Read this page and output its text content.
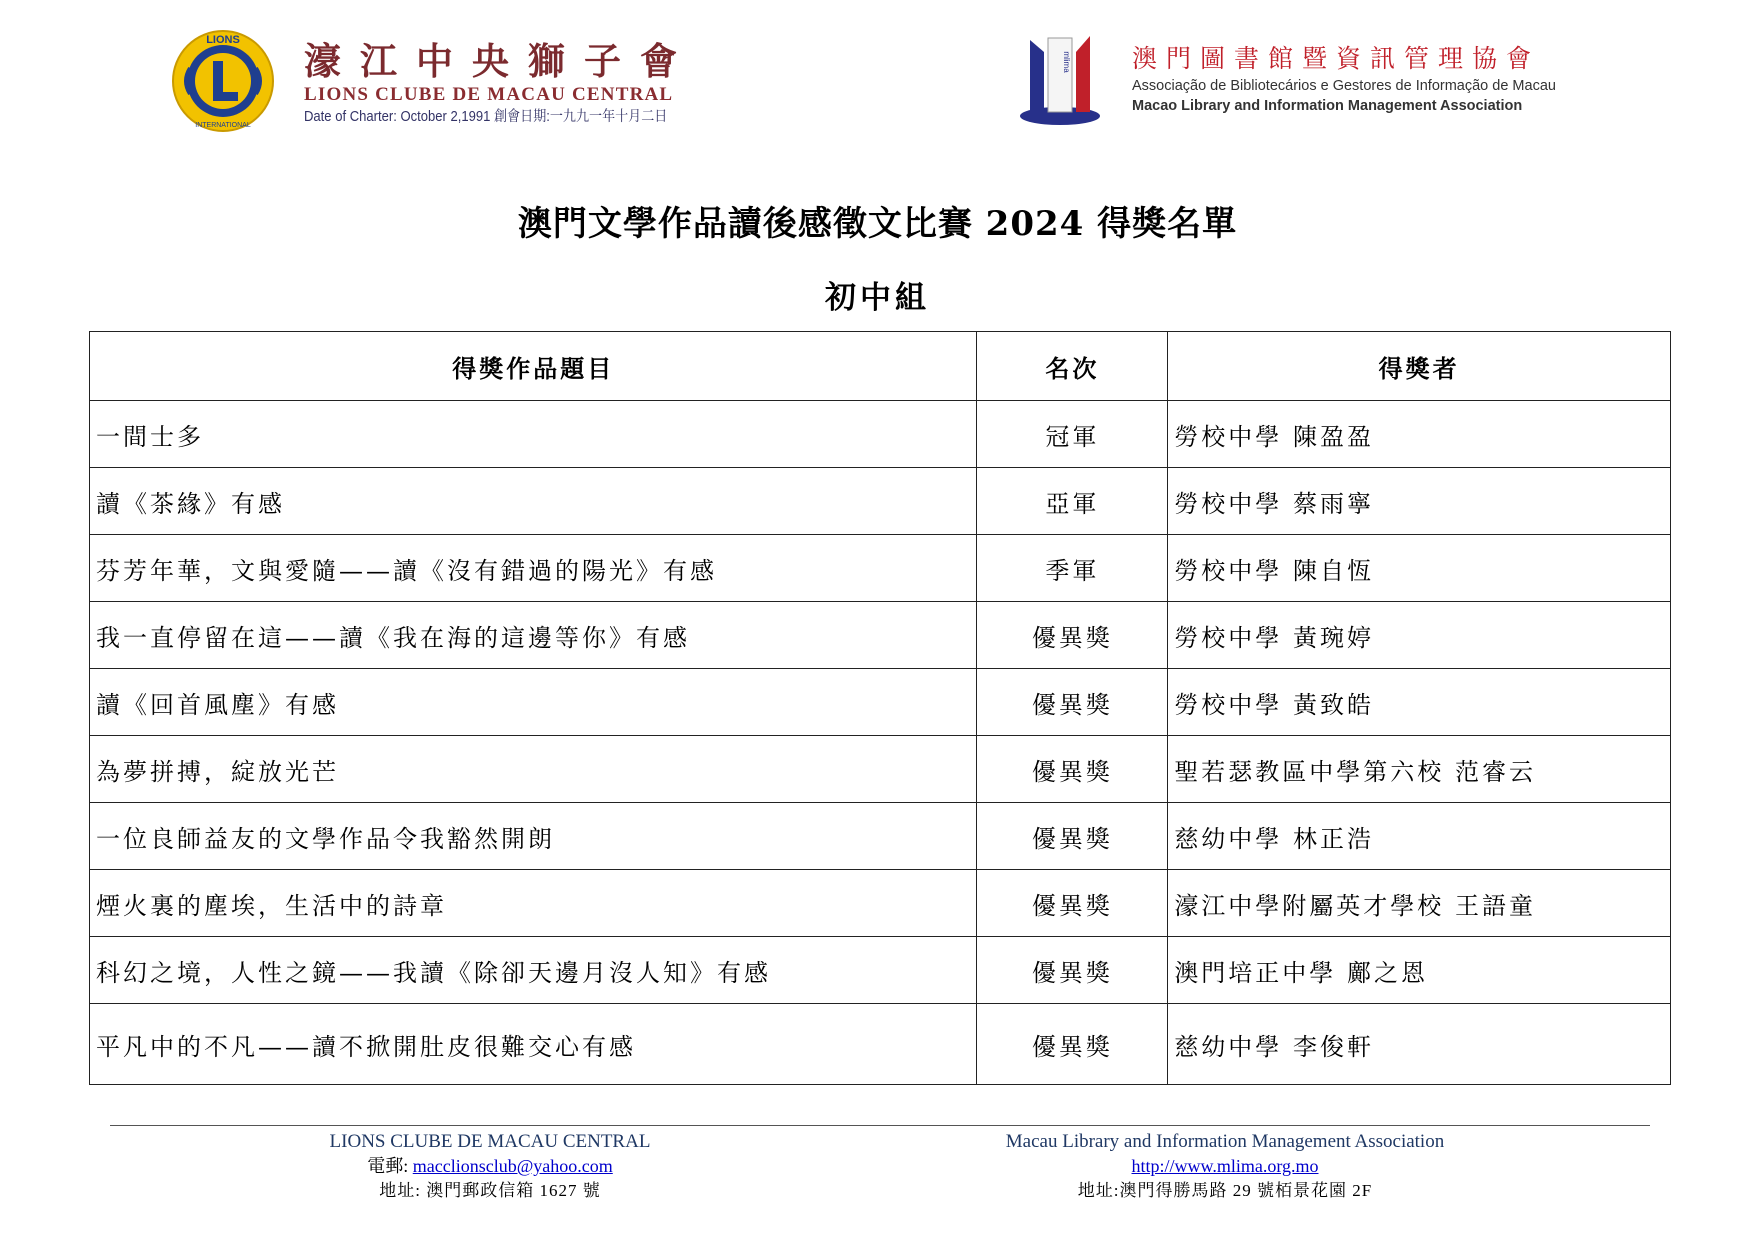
LIONS
INTERNATIONAL
濠江中央獅子會
LIONS CLUBE DE MACAU CENTRAL
Date of Charter: October 2,1991 創會日期:一九九一年十月二日
mlima 澳門圖書館暨資訊管理協會
Associação de Bibliotecários e Gestores de Informação de Macau
Macao Library and Information Management Association
澳門文學作品讀後感徵文比賽 2024 得獎名單
初中組
得獎作品題目	名次	得獎者
一間士多	冠軍	勞校中學 陳盈盈
讀《茶緣》有感	亞軍	勞校中學 蔡雨寧
芬芳年華，文與愛隨——讀《沒有錯過的陽光》有感	季軍	勞校中學 陳自恆
我一直停留在這——讀《我在海的這邊等你》有感	優異獎	勞校中學 黃琬婷
讀《回首風塵》有感	優異獎	勞校中學 黃致皓
為夢拼搏，綻放光芒	優異獎	聖若瑟教區中學第六校 范睿云
一位良師益友的文學作品令我豁然開朗	優異獎	慈幼中學 林正浩
煙火裏的塵埃，生活中的詩章	優異獎	濠江中學附屬英才學校 王語童
科幻之境，人性之鏡——我讀《除卻天邊月沒人知》有感	優異獎	澳門培正中學 鄺之恩
平凡中的不凡——讀不掀開肚皮很難交心有感	優異獎	慈幼中學 李俊軒
LIONS CLUBE DE MACAU CENTRAL
電郵: macclionsclub@yahoo.com
地址: 澳門郵政信箱 1627 號
Macau Library and Information Management Association
http://www.mlima.org.mo
地址:澳門得勝馬路 29 號栢景花園 2F
